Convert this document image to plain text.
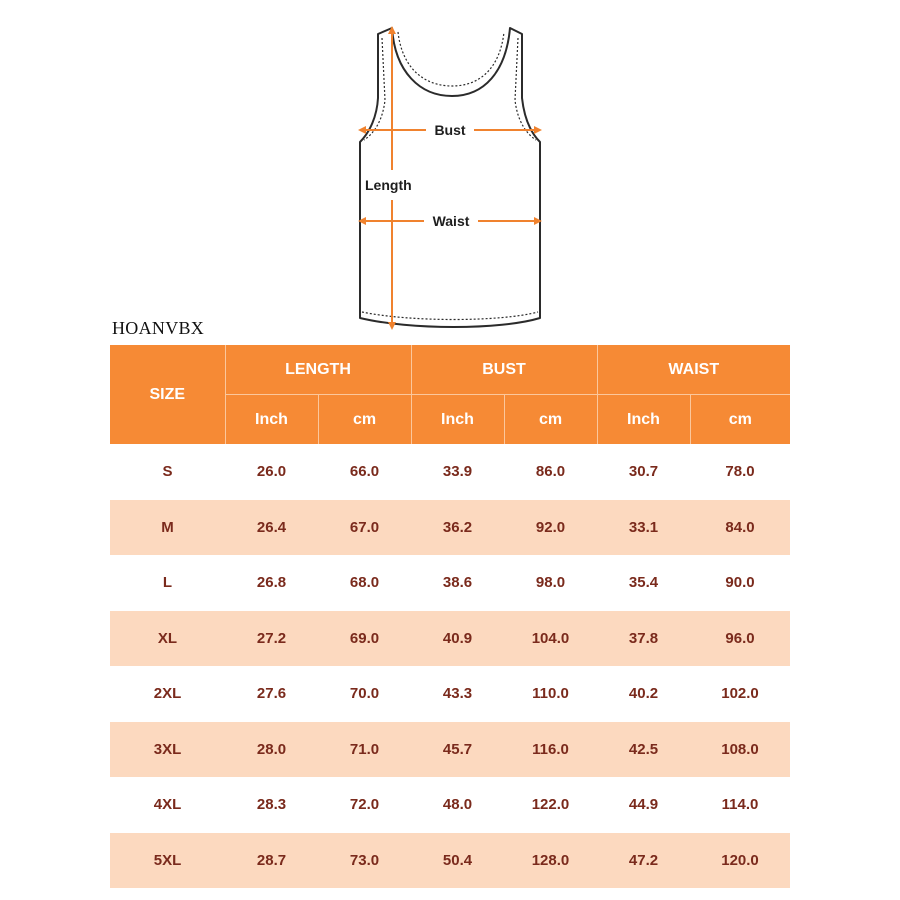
Bust
Length
Waist
HOANVBX
SIZE	LENGTH		BUST		WAIST	
	Inch	cm	Inch	cm	Inch	cm
S	26.0	66.0	33.9	86.0	30.7	78.0
M	26.4	67.0	36.2	92.0	33.1	84.0
L	26.8	68.0	38.6	98.0	35.4	90.0
XL	27.2	69.0	40.9	104.0	37.8	96.0
2XL	27.6	70.0	43.3	110.0	40.2	102.0
3XL	28.0	71.0	45.7	116.0	42.5	108.0
4XL	28.3	72.0	48.0	122.0	44.9	114.0
5XL	28.7	73.0	50.4	128.0	47.2	120.0
